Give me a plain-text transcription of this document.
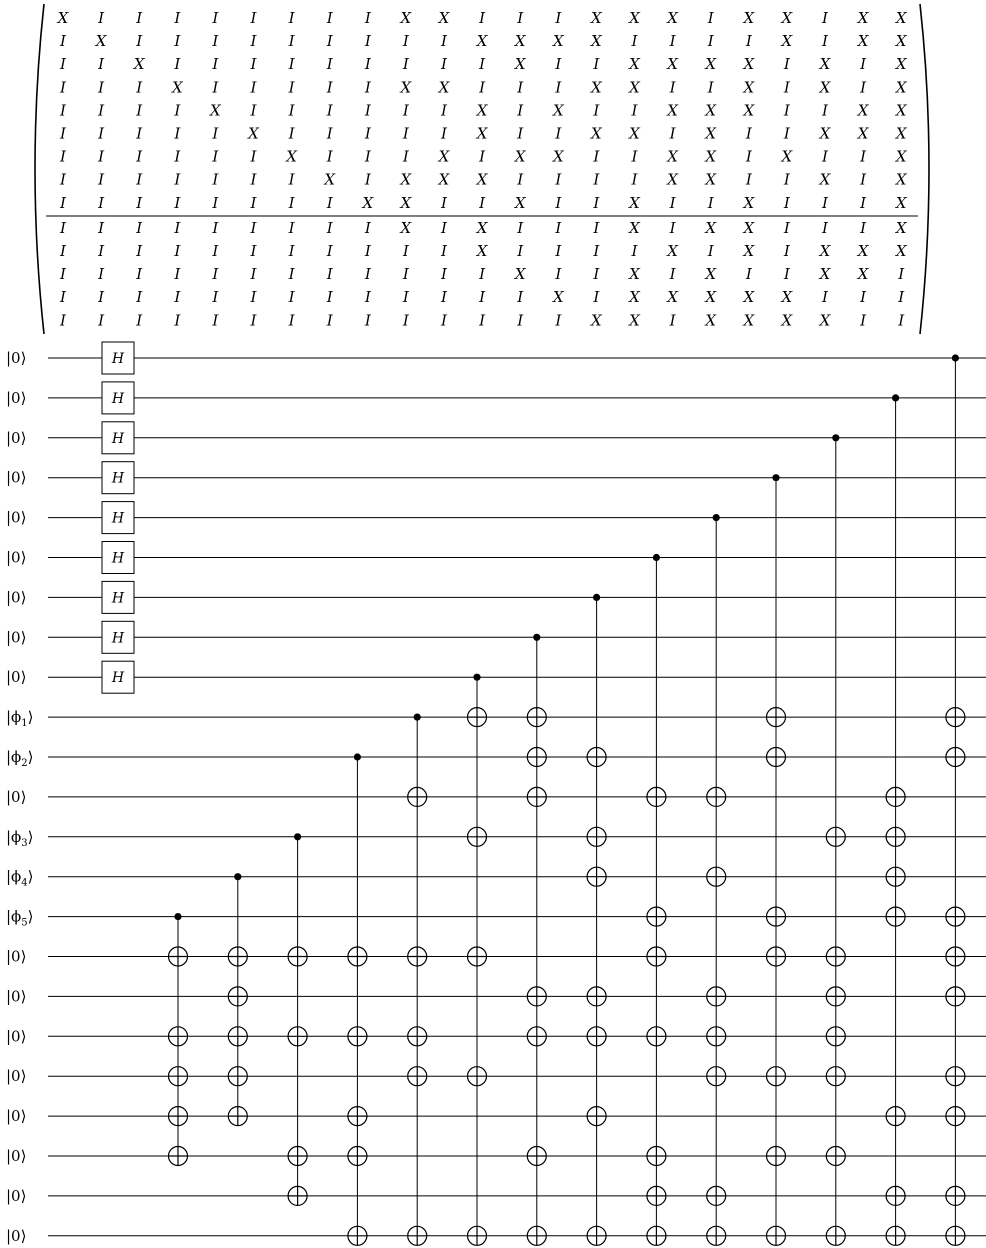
X I I I I I I I I X X I I I X X X I X X I X X
I X I I I I I I I I I X X X X I I I I X I X X
I I X I I I I I I I I I X I I X X X X I X I X
I I I X I I I I I X X I I I X X I I X I X I X
I I I I X I I I I I I X I X I I X X X I I X X
I I I I I X I I I I I X I I X X I X I I X X X
I I I I I I X I I I X I X X I I X X I X I I X
I I I I I I I X I X X X I I I I X X I I X I X
I I I I I I I I X X I I X I I X I I X I I I X
I I I I I I I I I X I X I I I X I X X I I I X
I I I I I I I I I I I X I I I I X I X I X X X
I I I I I I I I I I I I X I I X I X I I X X I
I I I I I I I I I I I I I X I X X X X X I I I
I I I I I I I I I I I I I I X X I X X X X I I
|0⟩
|0⟩
|0⟩
|0⟩
|0⟩
|0⟩
|0⟩
|0⟩
|0⟩
$|\phi_1⟩$
$|\phi_2⟩$
|0⟩
$|\phi_3⟩$
$|\phi_4⟩$
$|\phi_5⟩$
|0⟩
|0⟩
|0⟩
|0⟩
|0⟩
|0⟩
|0⟩
|0⟩
H
H
H
H
H
H
H
H
H
